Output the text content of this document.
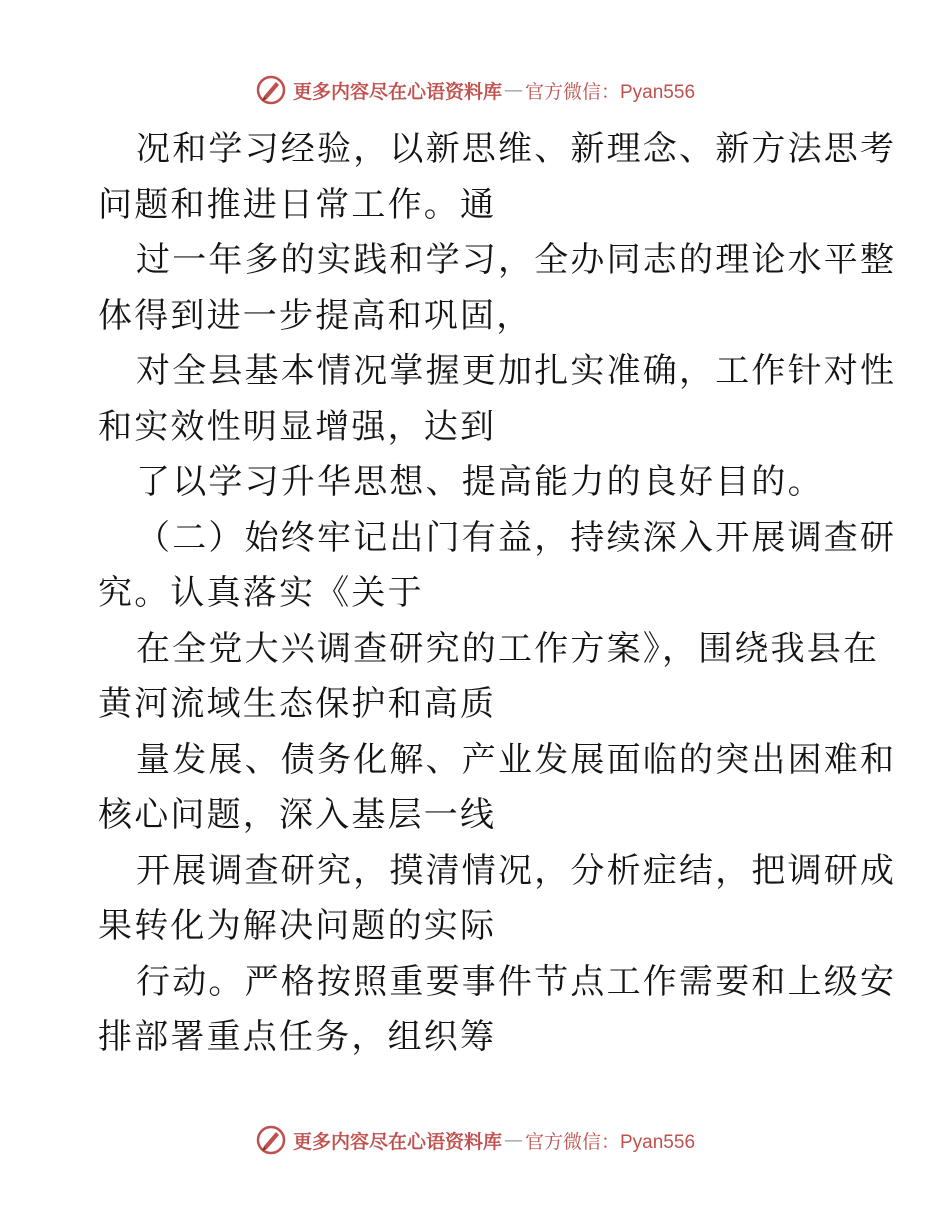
更多内容尽在心语资料库 — 官方微信：Pyan556
况和学习经验，以新思维、新理念、新方法思考
问题和推进日常工作。通
过一年多的实践和学习，全办同志的理论水平整
体得到进一步提高和巩固，
对全县基本情况掌握更加扎实准确，工作针对性
和实效性明显增强，达到
了以学习升华思想、提高能力的良好目的。
（二）始终牢记出门有益，持续深入开展调查研
究。认真落实《关于
在全党大兴调查研究的工作方案》，围绕我县在
黄河流域生态保护和高质
量发展、债务化解、产业发展面临的突出困难和
核心问题，深入基层一线
开展调查研究，摸清情况，分析症结，把调研成
果转化为解决问题的实际
行动。严格按照重要事件节点工作需要和上级安
排部署重点任务，组织筹
更多内容尽在心语资料库 — 官方微信：Pyan556
